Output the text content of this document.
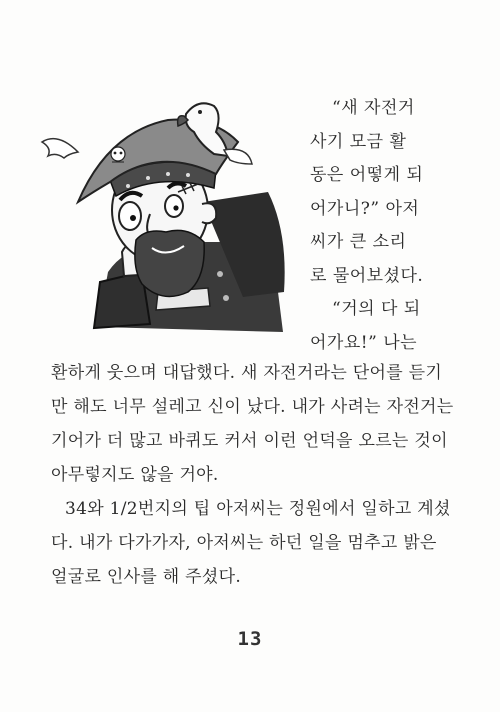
“새 자전거
사기 모금 활
동은 어떻게 되
어가니?” 아저
씨가 큰 소리
로 물어보셨다.
“거의 다 되
어가요!” 나는
환하게 웃으며 대답했다. 새 자전거라는 단어를 듣기
만 해도 너무 설레고 신이 났다. 내가 사려는 자전거는
기어가 더 많고 바퀴도 커서 이런 언덕을 오르는 것이
아무렇지도 않을 거야.
34와 1/2번지의 팁 아저씨는 정원에서 일하고 계셨
다. 내가 다가가자, 아저씨는 하던 일을 멈추고 밝은
얼굴로 인사를 해 주셨다.
13
